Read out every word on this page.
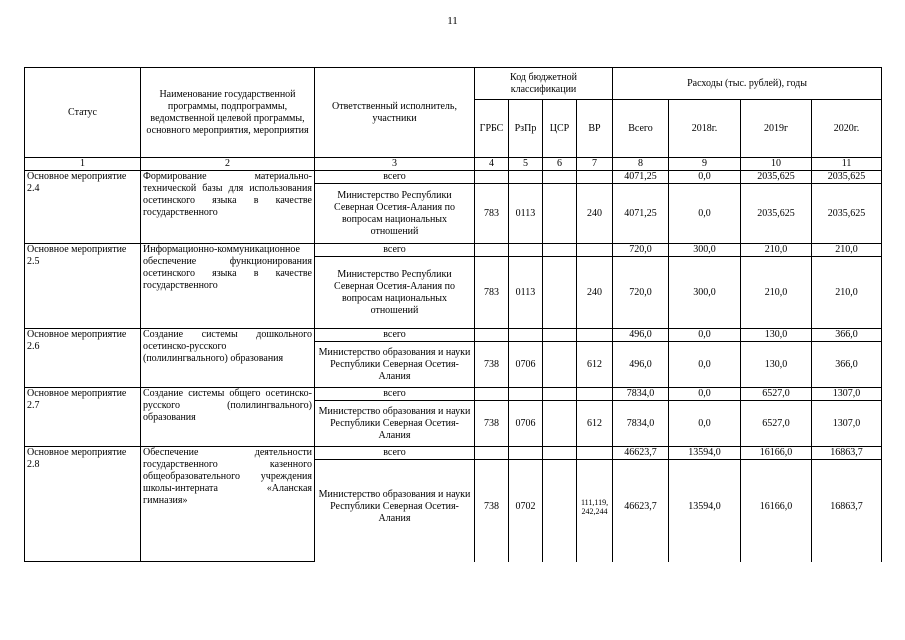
11
Статус	Наименование государственной программы, подпрограммы, ведомственной целевой программы, основного мероприятия, мероприятия	Ответственный исполнитель, участники	Код бюджетной классификации				Расходы (тыс. рублей), годы			
			ГРБС	РзПр	ЦСР	ВР	Всего	2018г.	2019г	2020г.
1	2	3	4	5	6	7	8	9	10	11
Основное мероприятие 2.4	Формирование материально-технической базы для использования осетинского языка в качестве государственного	всего					4071,25	0,0	2035,625	2035,625
		Министерство Республики Северная Осетия-Алания по вопросам национальных отношений	783	0113		240	4071,25	0,0	2035,625	2035,625
Основное мероприятие 2.5	Информационно-коммуникационное обеспечение функционирования осетинского языка в качестве государственного	всего					720,0	300,0	210,0	210,0
		Министерство Республики Северная Осетия-Алания по вопросам национальных отношений	783	0113		240	720,0	300,0	210,0	210,0
Основное мероприятие 2.6	Создание системы дошкольного осетинско-русского (полилингвального) образования	всего					496,0	0,0	130,0	366,0
		Министерство образования и науки Республики Северная Осетия-Алания	738	0706		612	496,0	0,0	130,0	366,0
Основное мероприятие 2.7	Создание системы общего осетинско-русского (полилингвального) образования	всего					7834,0	0,0	6527,0	1307,0
		Министерство образования и науки Республики Северная Осетия-Алания	738	0706		612	7834,0	0,0	6527,0	1307,0
Основное мероприятие 2.8	Обеспечение деятельности государственного казенного общеобразовательного учреждения школы-интерната «Аланская гимназия»	всего					46623,7	13594,0	16166,0	16863,7
		Министерство образования и науки Республики Северная Осетия-Алания	738	0702		111,119, 242,244	46623,7	13594,0	16166,0	16863,7
